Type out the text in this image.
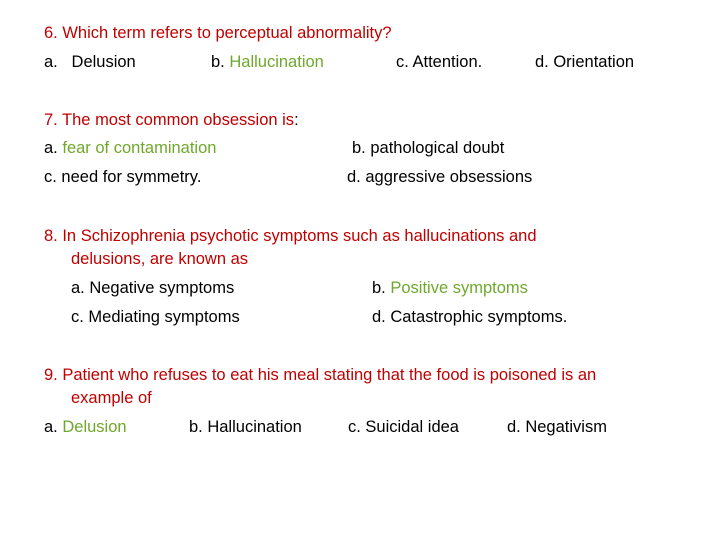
6. Which term refers to perceptual abnormality?
a. Delusion	b. Hallucination	c. Attention.	d. Orientation
7. The most common obsession is:
a. fear of contamination	b. pathological doubt
c. need for symmetry.	d. aggressive obsessions
8. In Schizophrenia psychotic symptoms such as hallucinations and
delusions, are known as
a. Negative symptoms	b. Positive symptoms
c. Mediating symptoms	d. Catastrophic symptoms.
9. Patient who refuses to eat his meal stating that the food is poisoned is an
example of
a. Delusion	b. Hallucination	c. Suicidal idea	d. Negativism
